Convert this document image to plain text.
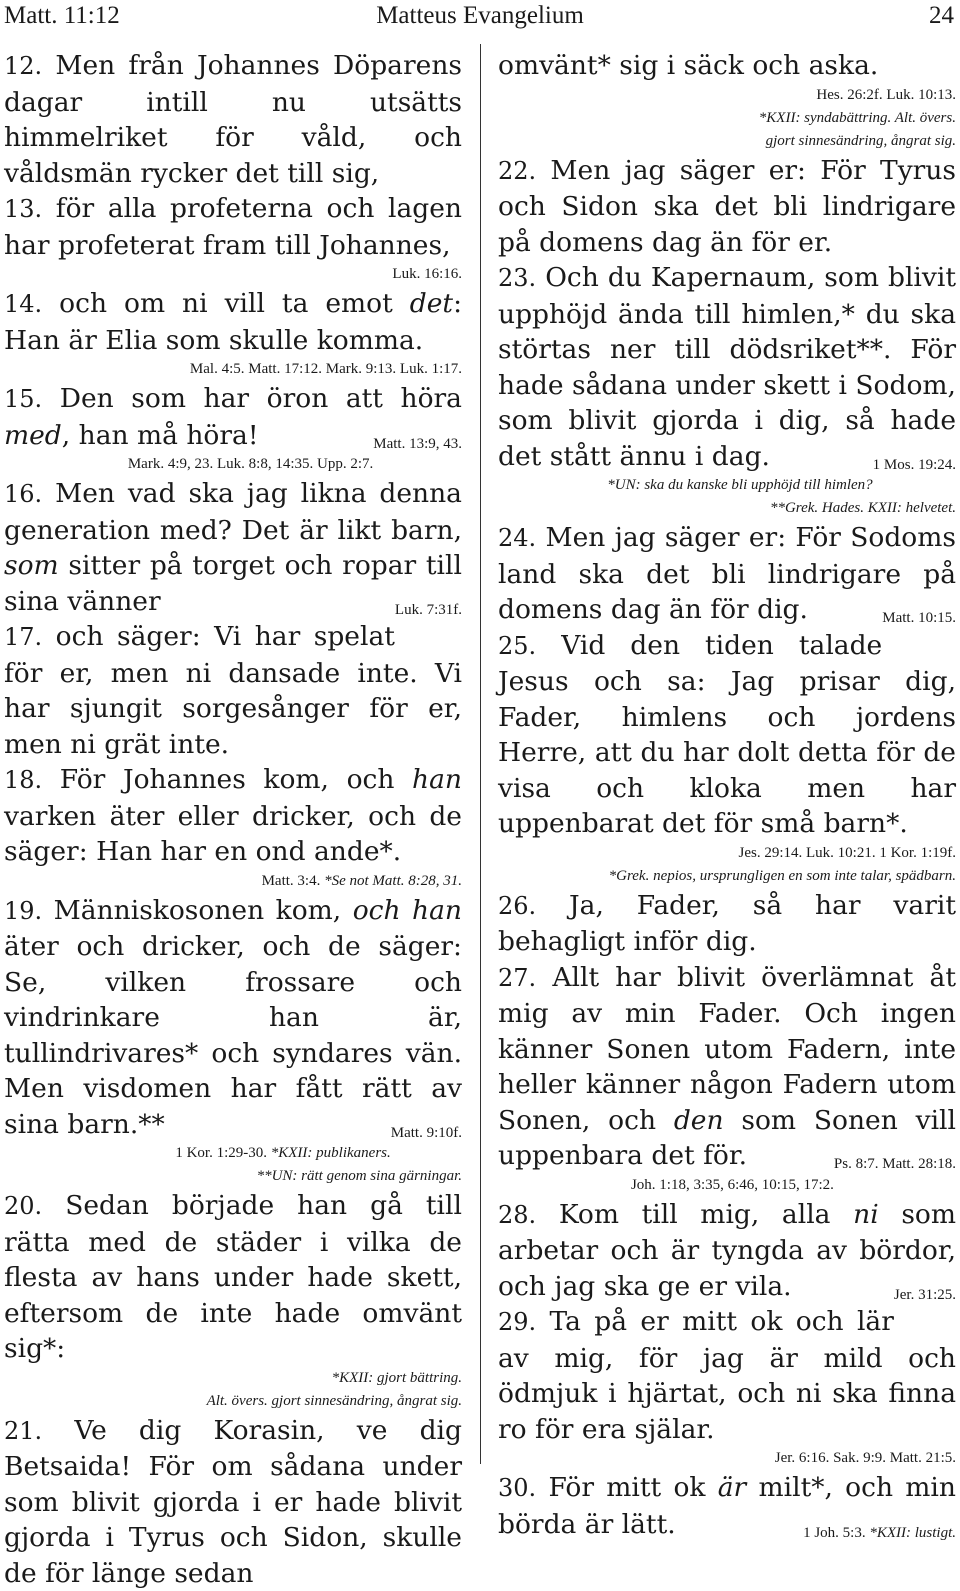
Matt. 11:12	Matteus Evangelium	24

12. Men från Johannes Döparens dagar intill nu utsätts himmelriket för våld, och våldsmän rycker det till sig,

13. för alla profeterna och lagen har profeterat fram till Johannes,

Luk. 16:16.

14. och om ni vill ta emot det: Han är Elia som skulle komma.

Mal. 4:5. Matt. 17:12. Mark. 9:13. Luk. 1:17.

15. Den som har öron att höra med, han må höra!	Matt. 13:9, 43.

Mark. 4:9, 23. Luk. 8:8, 14:35. Upp. 2:7.

16. Men vad ska jag likna denna generation med? Det är likt barn, som sitter på torget och ropar till sina vänner	Luk. 7:31f.

17. och säger: Vi har spelat för er, men ni dansade inte. Vi har sjungit sorgesånger för er, men ni grät inte.

18. För Johannes kom, och han varken äter eller dricker, och de säger: Han har en ond ande*.

Matt. 3:4. *Se not Matt. 8:28, 31.

19. Människosonen kom, och han äter och dricker, och de säger: Se, vilken frossare och vindrinkare han är, tullindrivares* och syndares vän. Men visdomen har fått rätt av sina barn.**	Matt. 9:10f.

1 Kor. 1:29-30. *KXII: publikaners.

**UN: rätt genom sina gärningar.

20. Sedan började han gå till rätta med de städer i vilka de flesta av hans under hade skett, eftersom de inte hade omvänt sig*:

*KXII: gjort bättring.

Alt. övers. gjort sinnesändring, ångrat sig.

21. Ve dig Korasin, ve dig Betsaida! För om sådana under som blivit gjorda i er hade blivit gjorda i Tyrus och Sidon, skulle de för länge sedan

omvänt* sig i säck och aska.

Hes. 26:2f. Luk. 10:13.

*KXII: syndabättring. Alt. övers.

gjort sinnesändring, ångrat sig.

22. Men jag säger er: För Tyrus och Sidon ska det bli lindrigare på domens dag än för er.

23. Och du Kapernaum, som blivit upphöjd ända till himlen,* du ska störtas ner till dödsriket**. För hade sådana under skett i Sodom, som blivit gjorda i dig, så hade det stått ännu i dag.	1 Mos. 19:24.

*UN: ska du kanske bli upphöjd till himlen?

**Grek. Hades. KXII: helvetet.

24. Men jag säger er: För Sodoms land ska det bli lindrigare på domens dag än för dig.	Matt. 10:15.

25. Vid den tiden talade Jesus och sa: Jag prisar dig, Fader, himlens och jordens Herre, att du har dolt detta för de visa och kloka men har uppenbarat det för små barn*.

Jes. 29:14. Luk. 10:21. 1 Kor. 1:19f.

*Grek. nepios, ursprungligen en som inte talar, spädbarn.

26. Ja, Fader, så har varit behagligt inför dig.

27. Allt har blivit överlämnat åt mig av min Fader. Och ingen känner Sonen utom Fadern, inte heller känner någon Fadern utom Sonen, och den som Sonen vill uppenbara det för.	Ps. 8:7. Matt. 28:18.

Joh. 1:18, 3:35, 6:46, 10:15, 17:2.

28. Kom till mig, alla ni som arbetar och är tyngda av bördor, och jag ska ge er vila.	Jer. 31:25.

29. Ta på er mitt ok och lär av mig, för jag är mild och ödmjuk i hjärtat, och ni ska finna ro för era själar.

Jer. 6:16. Sak. 9:9. Matt. 21:5.

30. För mitt ok är milt*, och min börda är lätt.	1 Joh. 5:3. *KXII: lustigt.
